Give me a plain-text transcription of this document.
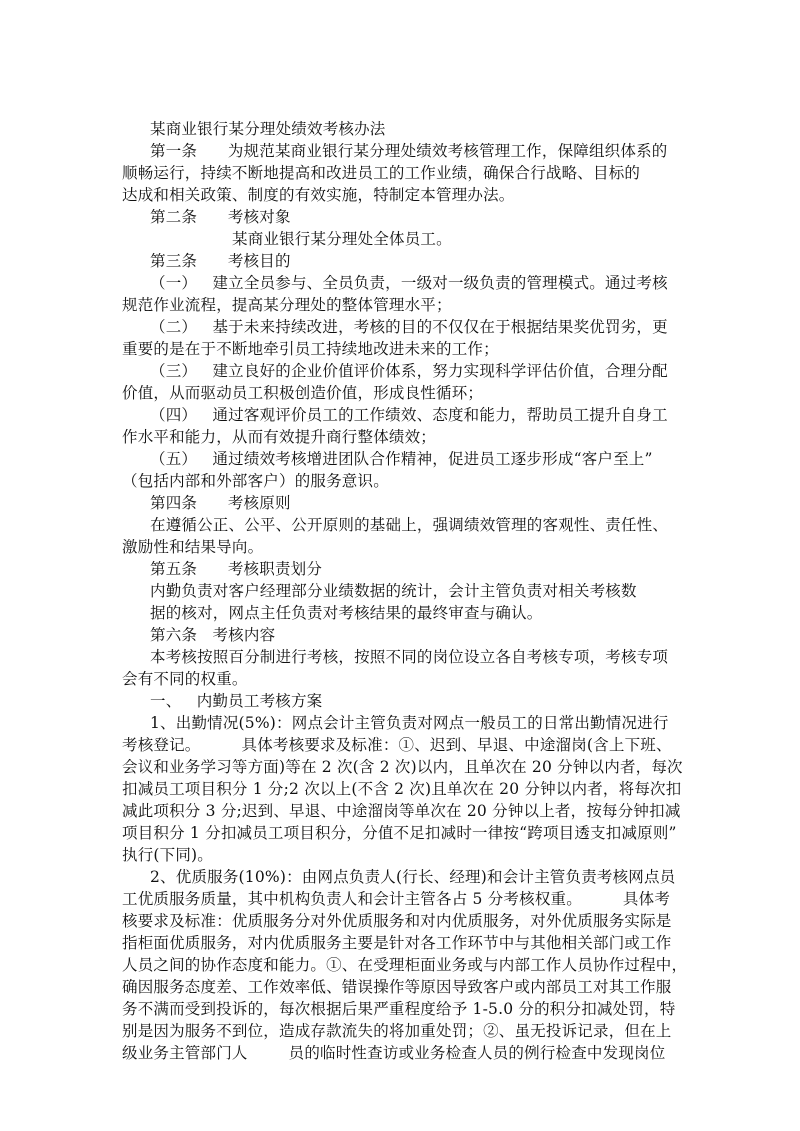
某商业银行某分理处绩效考核办法
第一条      为规范某商业银行某分理处绩效考核管理工作，保障组织体系的
顺畅运行，持续不断地提高和改进员工的工作业绩，确保合行战略、目标的
达成和相关政策、制度的有效实施，特制定本管理办法。
第二条      考核对象
某商业银行某分理处全体员工。
第三条      考核目的
（一）   建立全员参与、全员负责，一级对一级负责的管理模式。通过考核
规范作业流程，提高某分理处的整体管理水平；
（二）   基于未来持续改进，考核的目的不仅仅在于根据结果奖优罚劣，更
重要的是在于不断地牵引员工持续地改进未来的工作；
（三）   建立良好的企业价值评价体系，努力实现科学评估价值，合理分配
价值，从而驱动员工积极创造价值，形成良性循环；
（四）   通过客观评价员工的工作绩效、态度和能力，帮助员工提升自身工
作水平和能力，从而有效提升商行整体绩效；
（五）   通过绩效考核增进团队合作精神，促进员工逐步形成“客户至上”
（包括内部和外部客户）的服务意识。
第四条      考核原则
在遵循公正、公平、公开原则的基础上，强调绩效管理的客观性、责任性、
激励性和结果导向。
第五条      考核职责划分
内勤负责对客户经理部分业绩数据的统计，会计主管负责对相关考核数
据的核对，网点主任负责对考核结果的最终审查与确认。
第六条   考核内容
本考核按照百分制进行考核，按照不同的岗位设立各自考核专项，考核专项
会有不同的权重。
一、   内勤员工考核方案
1、出勤情况(5%)：网点会计主管负责对网点一般员工的日常出勤情况进行
考核登记。        具体考核要求及标准：①、迟到、早退、中途溜岗(含上下班、
会议和业务学习等方面)等在 2 次(含 2 次)以内，且单次在 20 分钟以内者，每次
扣减员工项目积分 1 分;2 次以上(不含 2 次)且单次在 20 分钟以内者，将每次扣
减此项积分 3 分;迟到、早退、中途溜岗等单次在 20 分钟以上者，按每分钟扣减
项目积分 1 分扣减员工项目积分，分值不足扣减时一律按“跨项目透支扣减原则”
执行(下同)。
2、优质服务(10%)：由网点负责人(行长、经理)和会计主管负责考核网点员
工优质服务质量，其中机构负责人和会计主管各占 5 分考核权重。        具体考
核要求及标准：优质服务分对外优质服务和对内优质服务，对外优质服务实际是
指柜面优质服务，对内优质服务主要是针对各工作环节中与其他相关部门或工作
人员之间的协作态度和能力。①、在受理柜面业务或与内部工作人员协作过程中，
确因服务态度差、工作效率低、错误操作等原因导致客户或内部员工对其工作服
务不满而受到投诉的，每次根据后果严重程度给予 1-5.0 分的积分扣减处罚，特
别是因为服务不到位，造成存款流失的将加重处罚；②、虽无投诉记录，但在上
级业务主管部门人        员的临时性查访或业务检查人员的例行检查中发现岗位
